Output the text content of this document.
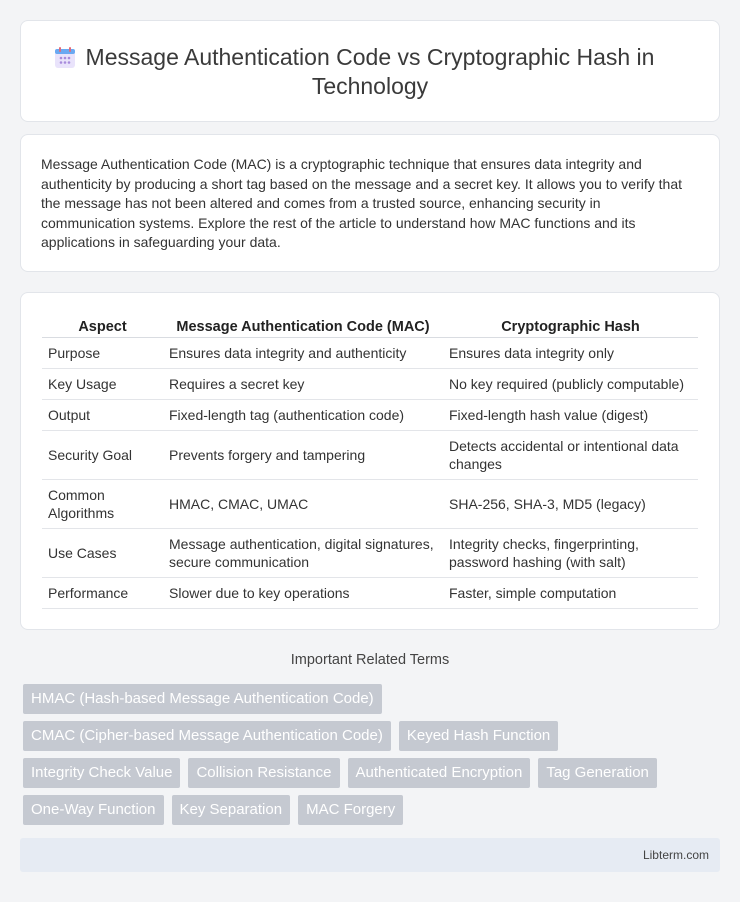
Message Authentication Code vs Cryptographic Hash in Technology

Message Authentication Code (MAC) is a cryptographic technique that ensures data integrity and authenticity by producing a short tag based on the message and a secret key. It allows you to verify that the message has not been altered and comes from a trusted source, enhancing security in communication systems. Explore the rest of the article to understand how MAC functions and its applications in safeguarding your data.

Aspect	Message Authentication Code (MAC)	Cryptographic Hash
Purpose	Ensures data integrity and authenticity	Ensures data integrity only
Key Usage	Requires a secret key	No key required (publicly computable)
Output	Fixed-length tag (authentication code)	Fixed-length hash value (digest)
Security Goal	Prevents forgery and tampering	Detects accidental or intentional data changes
Common Algorithms	HMAC, CMAC, UMAC	SHA-256, SHA-3, MD5 (legacy)
Use Cases	Message authentication, digital signatures, secure communication	Integrity checks, fingerprinting, password hashing (with salt)
Performance	Slower due to key operations	Faster, simple computation
Important Related Terms
HMAC (Hash-based Message Authentication Code)
CMAC (Cipher-based Message Authentication Code)	Keyed Hash Function
Integrity Check Value	Collision Resistance	Authenticated Encryption	Tag Generation
One-Way Function	Key Separation	MAC Forgery
Libterm.com
